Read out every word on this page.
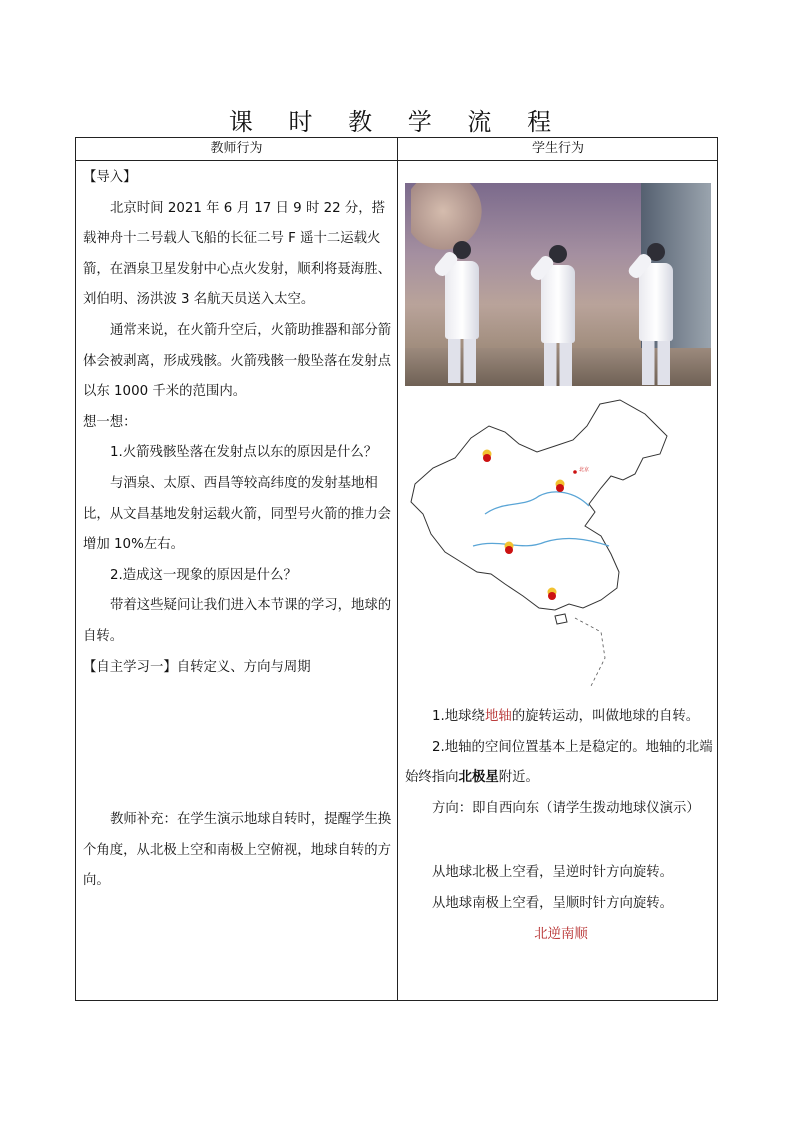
课 时 教 学 流 程
教师行为	学生行为

【导入】

北京时间 2021 年 6 月 17 日 9 时 22 分，搭载神舟十二号载人飞船的长征二号 F 遥十二运载火箭，在酒泉卫星发射中心点火发射，顺利将聂海胜、刘伯明、汤洪波 3 名航天员送入太空。

通常来说，在火箭升空后，火箭助推器和部分箭体会被剥离，形成残骸。火箭残骸一般坠落在发射点以东 1000 千米的范围内。

想一想：

1.火箭残骸坠落在发射点以东的原因是什么？

与酒泉、太原、西昌等较高纬度的发射基地相比，从文昌基地发射运载火箭，同型号火箭的推力会增加 10%左右。

2.造成这一现象的原因是什么？

带着这些疑问让我们进入本节课的学习，地球的自转。

【自主学习一】自转定义、方向与周期

教师补充：在学生演示地球自转时，提醒学生换个角度，从北极上空和南极上空俯视，地球自转的方向。

北京

1.地球绕地轴的旋转运动，叫做地球的自转。

2.地轴的空间位置基本上是稳定的。地轴的北端始终指向北极星附近。

方向：即自西向东（请学生拨动地球仪演示）

从地球北极上空看，呈逆时针方向旋转。

从地球南极上空看，呈顺时针方向旋转。

北逆南顺
